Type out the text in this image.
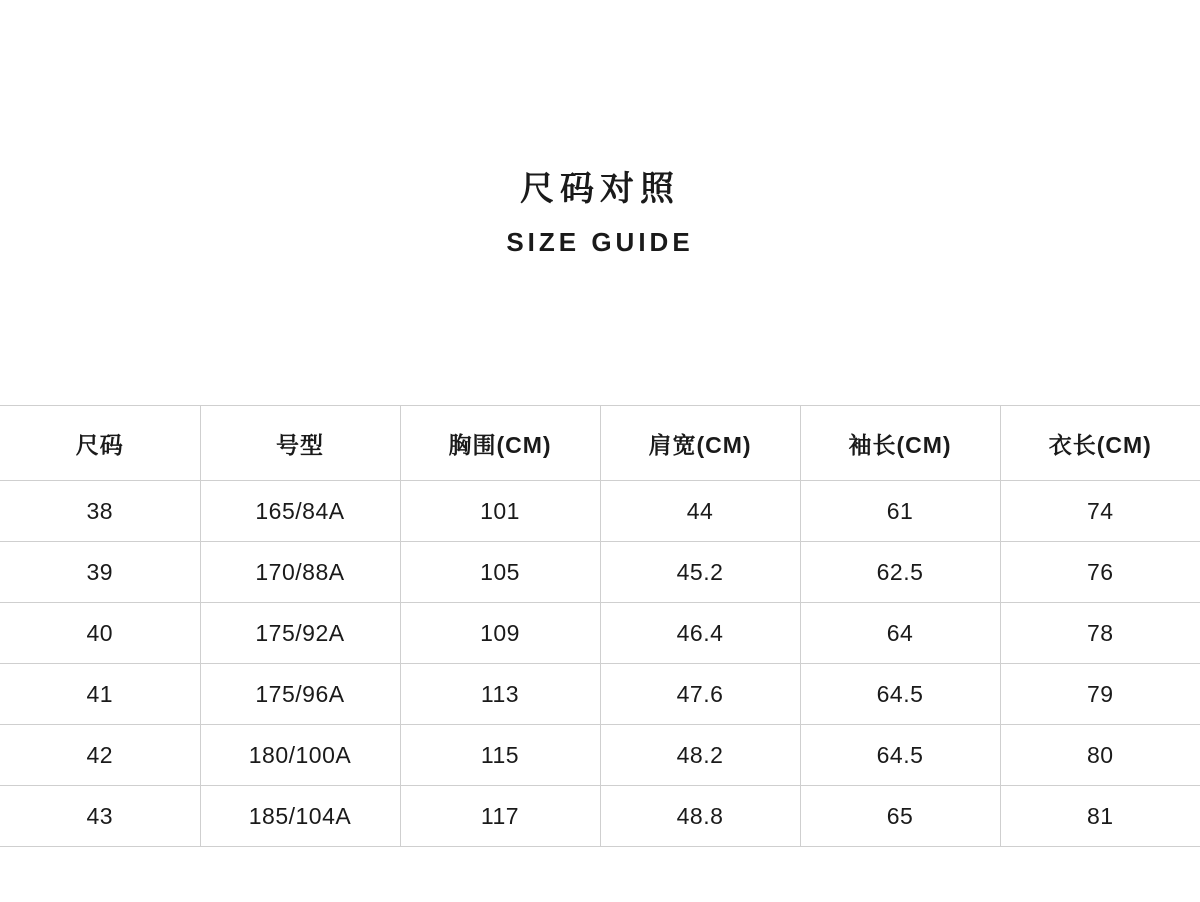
尺码对照
SIZE GUIDE
尺码	号型	胸围(CM)	肩宽(CM)	袖长(CM)	衣长(CM)
38	165/84A	101	44	61	74
39	170/88A	105	45.2	62.5	76
40	175/92A	109	46.4	64	78
41	175/96A	113	47.6	64.5	79
42	180/100A	115	48.2	64.5	80
43	185/104A	117	48.8	65	81
